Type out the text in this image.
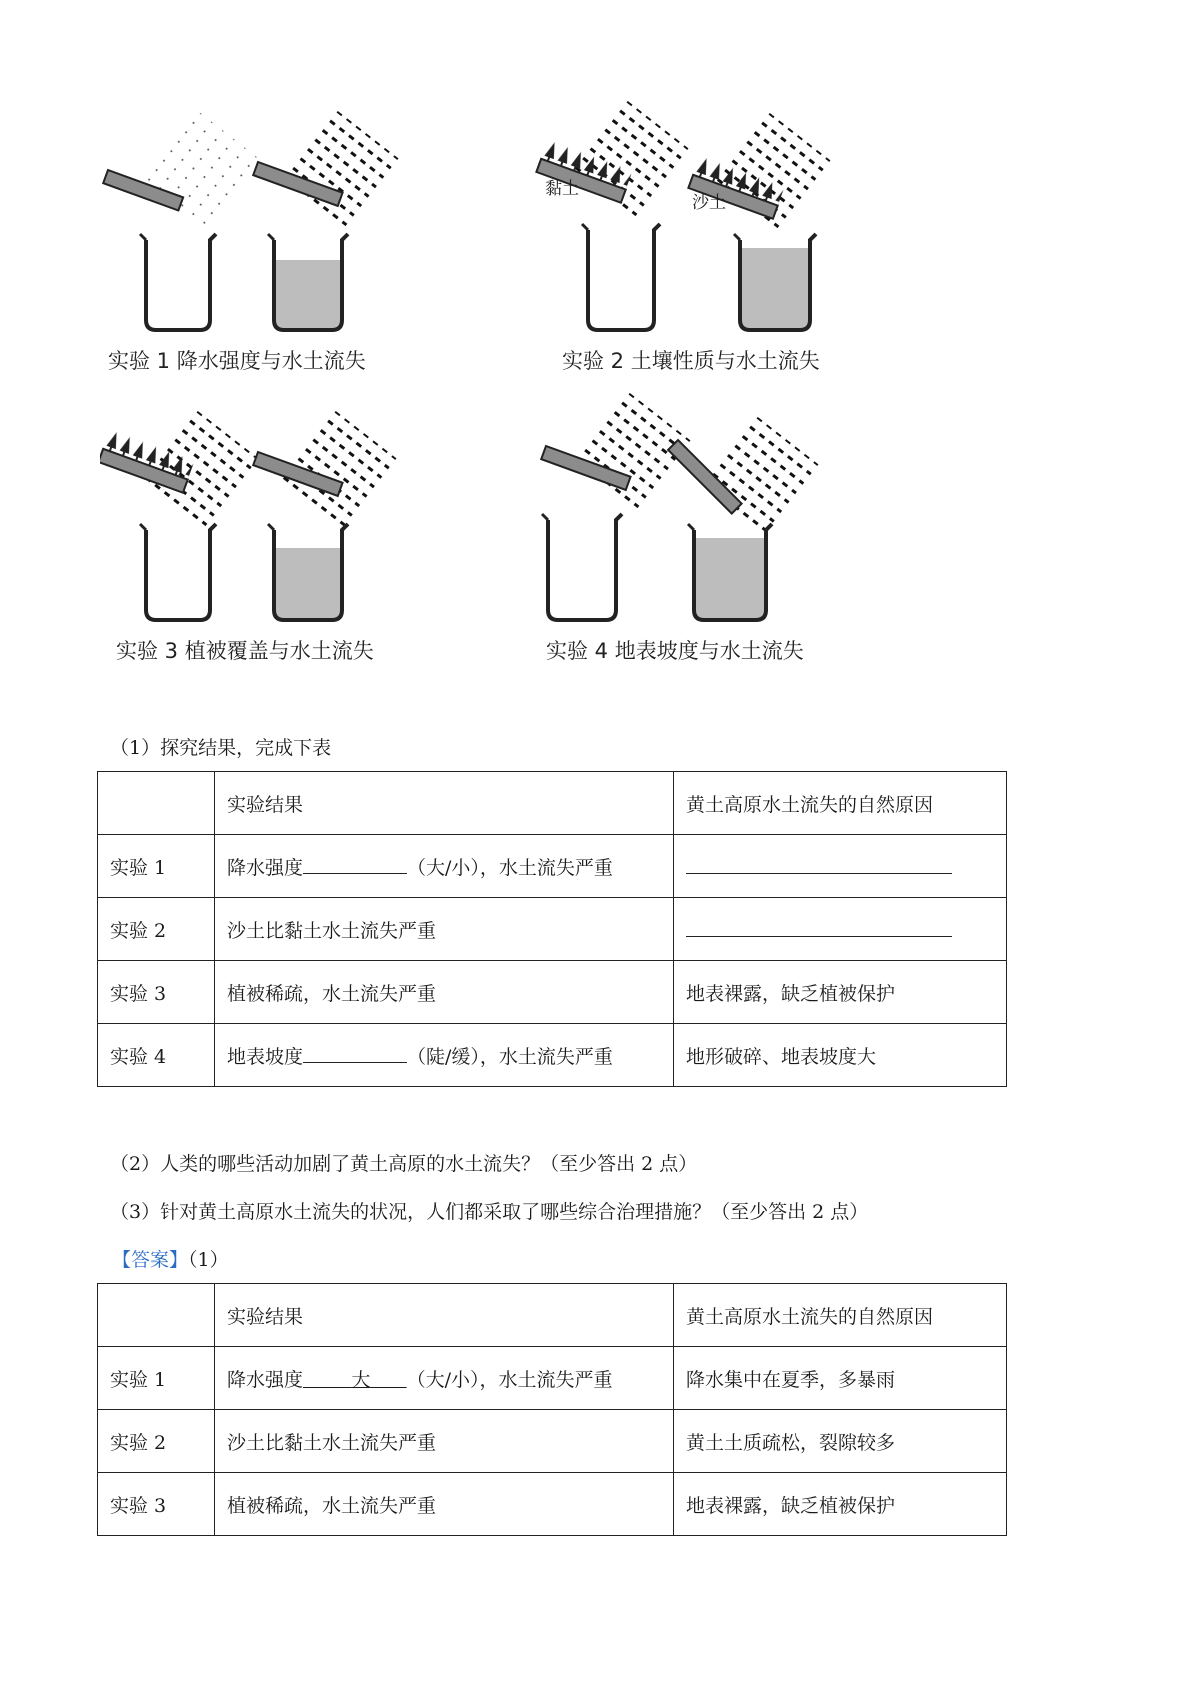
实验 1 降水强度与水土流失
黏土
沙土
实验 2 土壤性质与水土流失
实验 3 植被覆盖与水土流失	实验 4 地表坡度与水土流失
（1）探究结果，完成下表
	实验结果	黄土高原水土流失的自然原因
实验 1	降水强度 （大/小），水土流失严重	
实验 2	沙土比黏土水土流失严重	
实验 3	植被稀疏，水土流失严重	地表裸露，缺乏植被保护
实验 4	地表坡度 （陡/缓），水土流失严重	地形破碎、地表坡度大
（2）人类的哪些活动加剧了黄土高原的水土流失？（至少答出 2 点）
（3）针对黄土高原水土流失的状况，人们都采取了哪些综合治理措施？（至少答出 2 点）
【答案】（1）
	实验结果	黄土高原水土流失的自然原因
实验 1	降水强度 大 （大/小），水土流失严重	降水集中在夏季，多暴雨
实验 2	沙土比黏土水土流失严重	黄土土质疏松，裂隙较多
实验 3	植被稀疏，水土流失严重	地表裸露，缺乏植被保护
